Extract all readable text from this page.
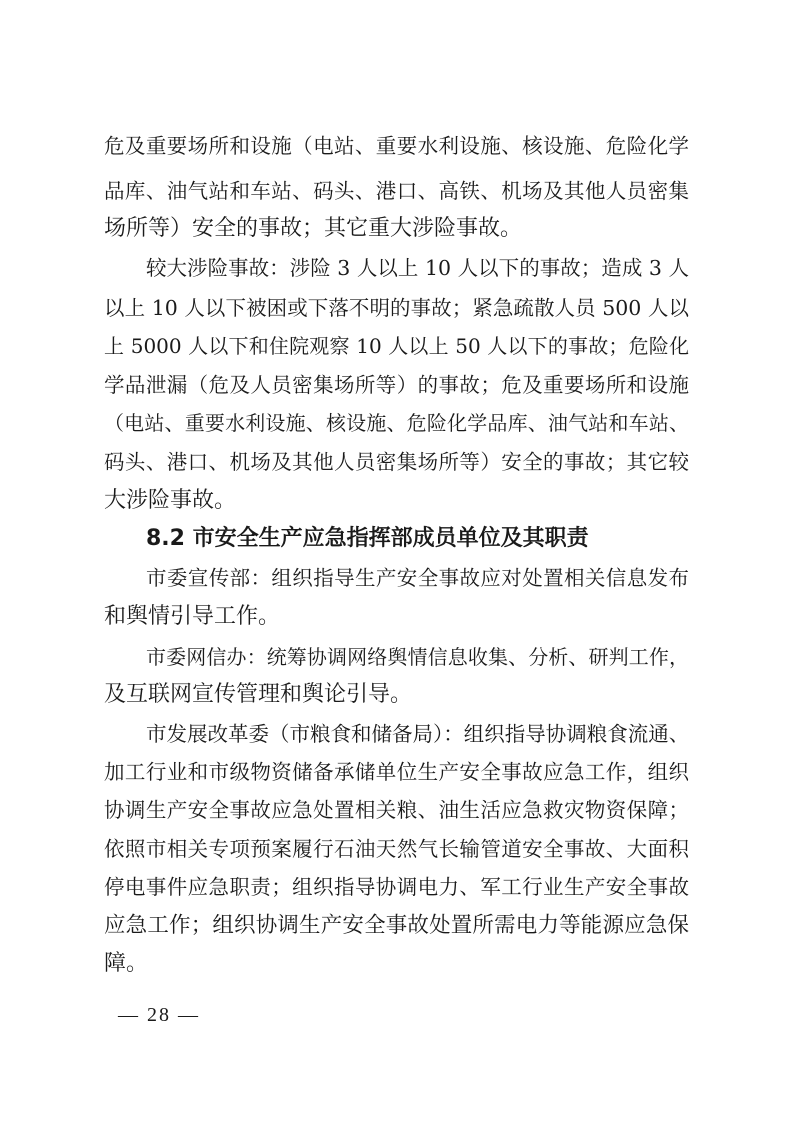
危及重要场所和设施（电站、重要水利设施、核设施、危险化学
品库、油气站和车站、码头、港口、高铁、机场及其他人员密集
场所等）安全的事故；其它重大涉险事故。
较大涉险事故：涉险 3 人以上 10 人以下的事故；造成 3 人
以上 10 人以下被困或下落不明的事故；紧急疏散人员 500 人以
上 5000 人以下和住院观察 10 人以上 50 人以下的事故；危险化
学品泄漏（危及人员密集场所等）的事故；危及重要场所和设施
（电站、重要水利设施、核设施、危险化学品库、油气站和车站、
码头、港口、机场及其他人员密集场所等）安全的事故；其它较
大涉险事故。
8.2 市安全生产应急指挥部成员单位及其职责
市委宣传部：组织指导生产安全事故应对处置相关信息发布
和舆情引导工作。
市委网信办：统筹协调网络舆情信息收集、分析、研判工作，
及互联网宣传管理和舆论引导。
市发展改革委（市粮食和储备局）：组织指导协调粮食流通、
加工行业和市级物资储备承储单位生产安全事故应急工作，组织
协调生产安全事故应急处置相关粮、油生活应急救灾物资保障；
依照市相关专项预案履行石油天然气长输管道安全事故、大面积
停电事件应急职责；组织指导协调电力、军工行业生产安全事故
应急工作；组织协调生产安全事故处置所需电力等能源应急保
障。
— 28 —
